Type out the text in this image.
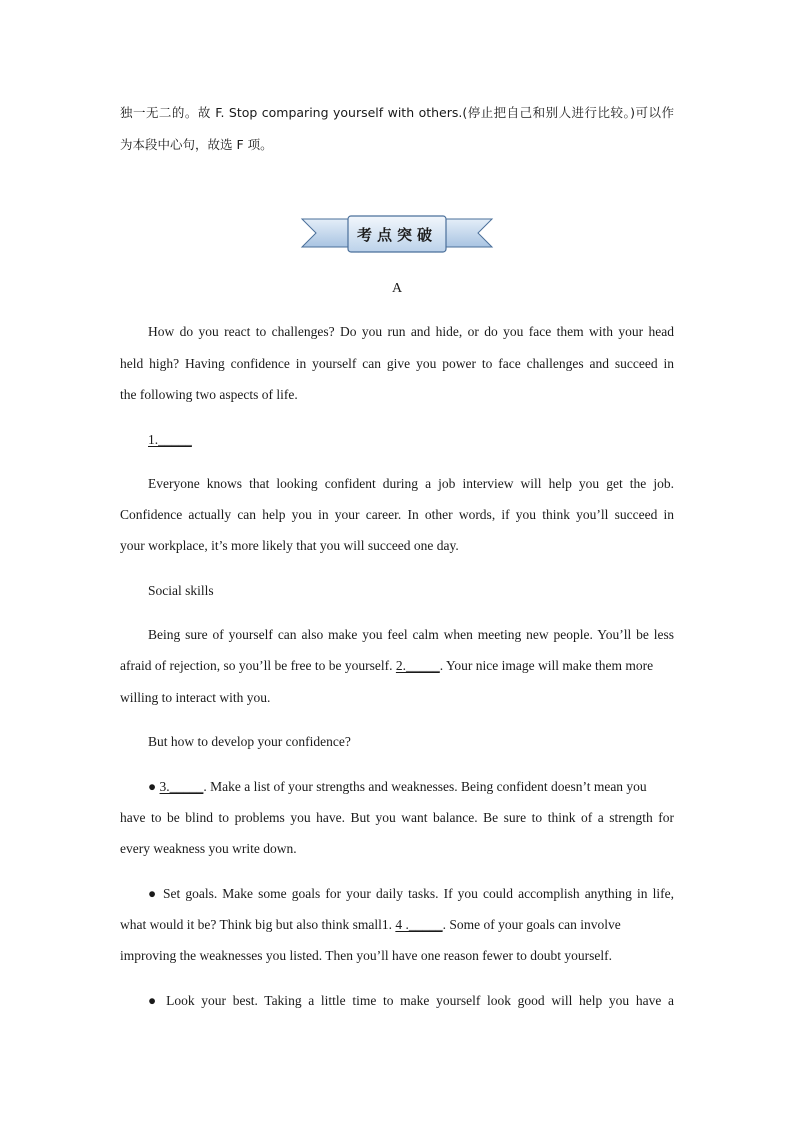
独一无二的。故 F. Stop comparing yourself with others.(停止把自己和别人进行比较。)可以作
为本段中心句，故选 F 项。
考点突破
A
How do you react to challenges? Do you run and hide, or do you face them with your head
held high? Having confidence in yourself can give you power to face challenges and succeed in
the following two aspects of life.
1._____
Everyone knows that looking confident during a job interview will help you get the job.
Confidence actually can help you in your career. In other words, if you think you’ll succeed in
your workplace, it’s more likely that you will succeed one day.
Social skills
Being sure of yourself can also make you feel calm when meeting new people. You’ll be less
afraid of rejection, so you’ll be free to be yourself. 2._____. Your nice image will make them more
willing to interact with you.
But how to develop your confidence?
● 3._____. Make a list of your strengths and weaknesses. Being confident doesn’t mean you
have to be blind to problems you have. But you want balance. Be sure to think of a strength for
every weakness you write down.
● Set goals. Make some goals for your daily tasks. If you could accomplish anything in life,
what would it be? Think big but also think small1. 4 ._____. Some of your goals can involve
improving the weaknesses you listed. Then you’ll have one reason fewer to doubt yourself.
● Look your best. Taking a little time to make yourself look good will help you have a
